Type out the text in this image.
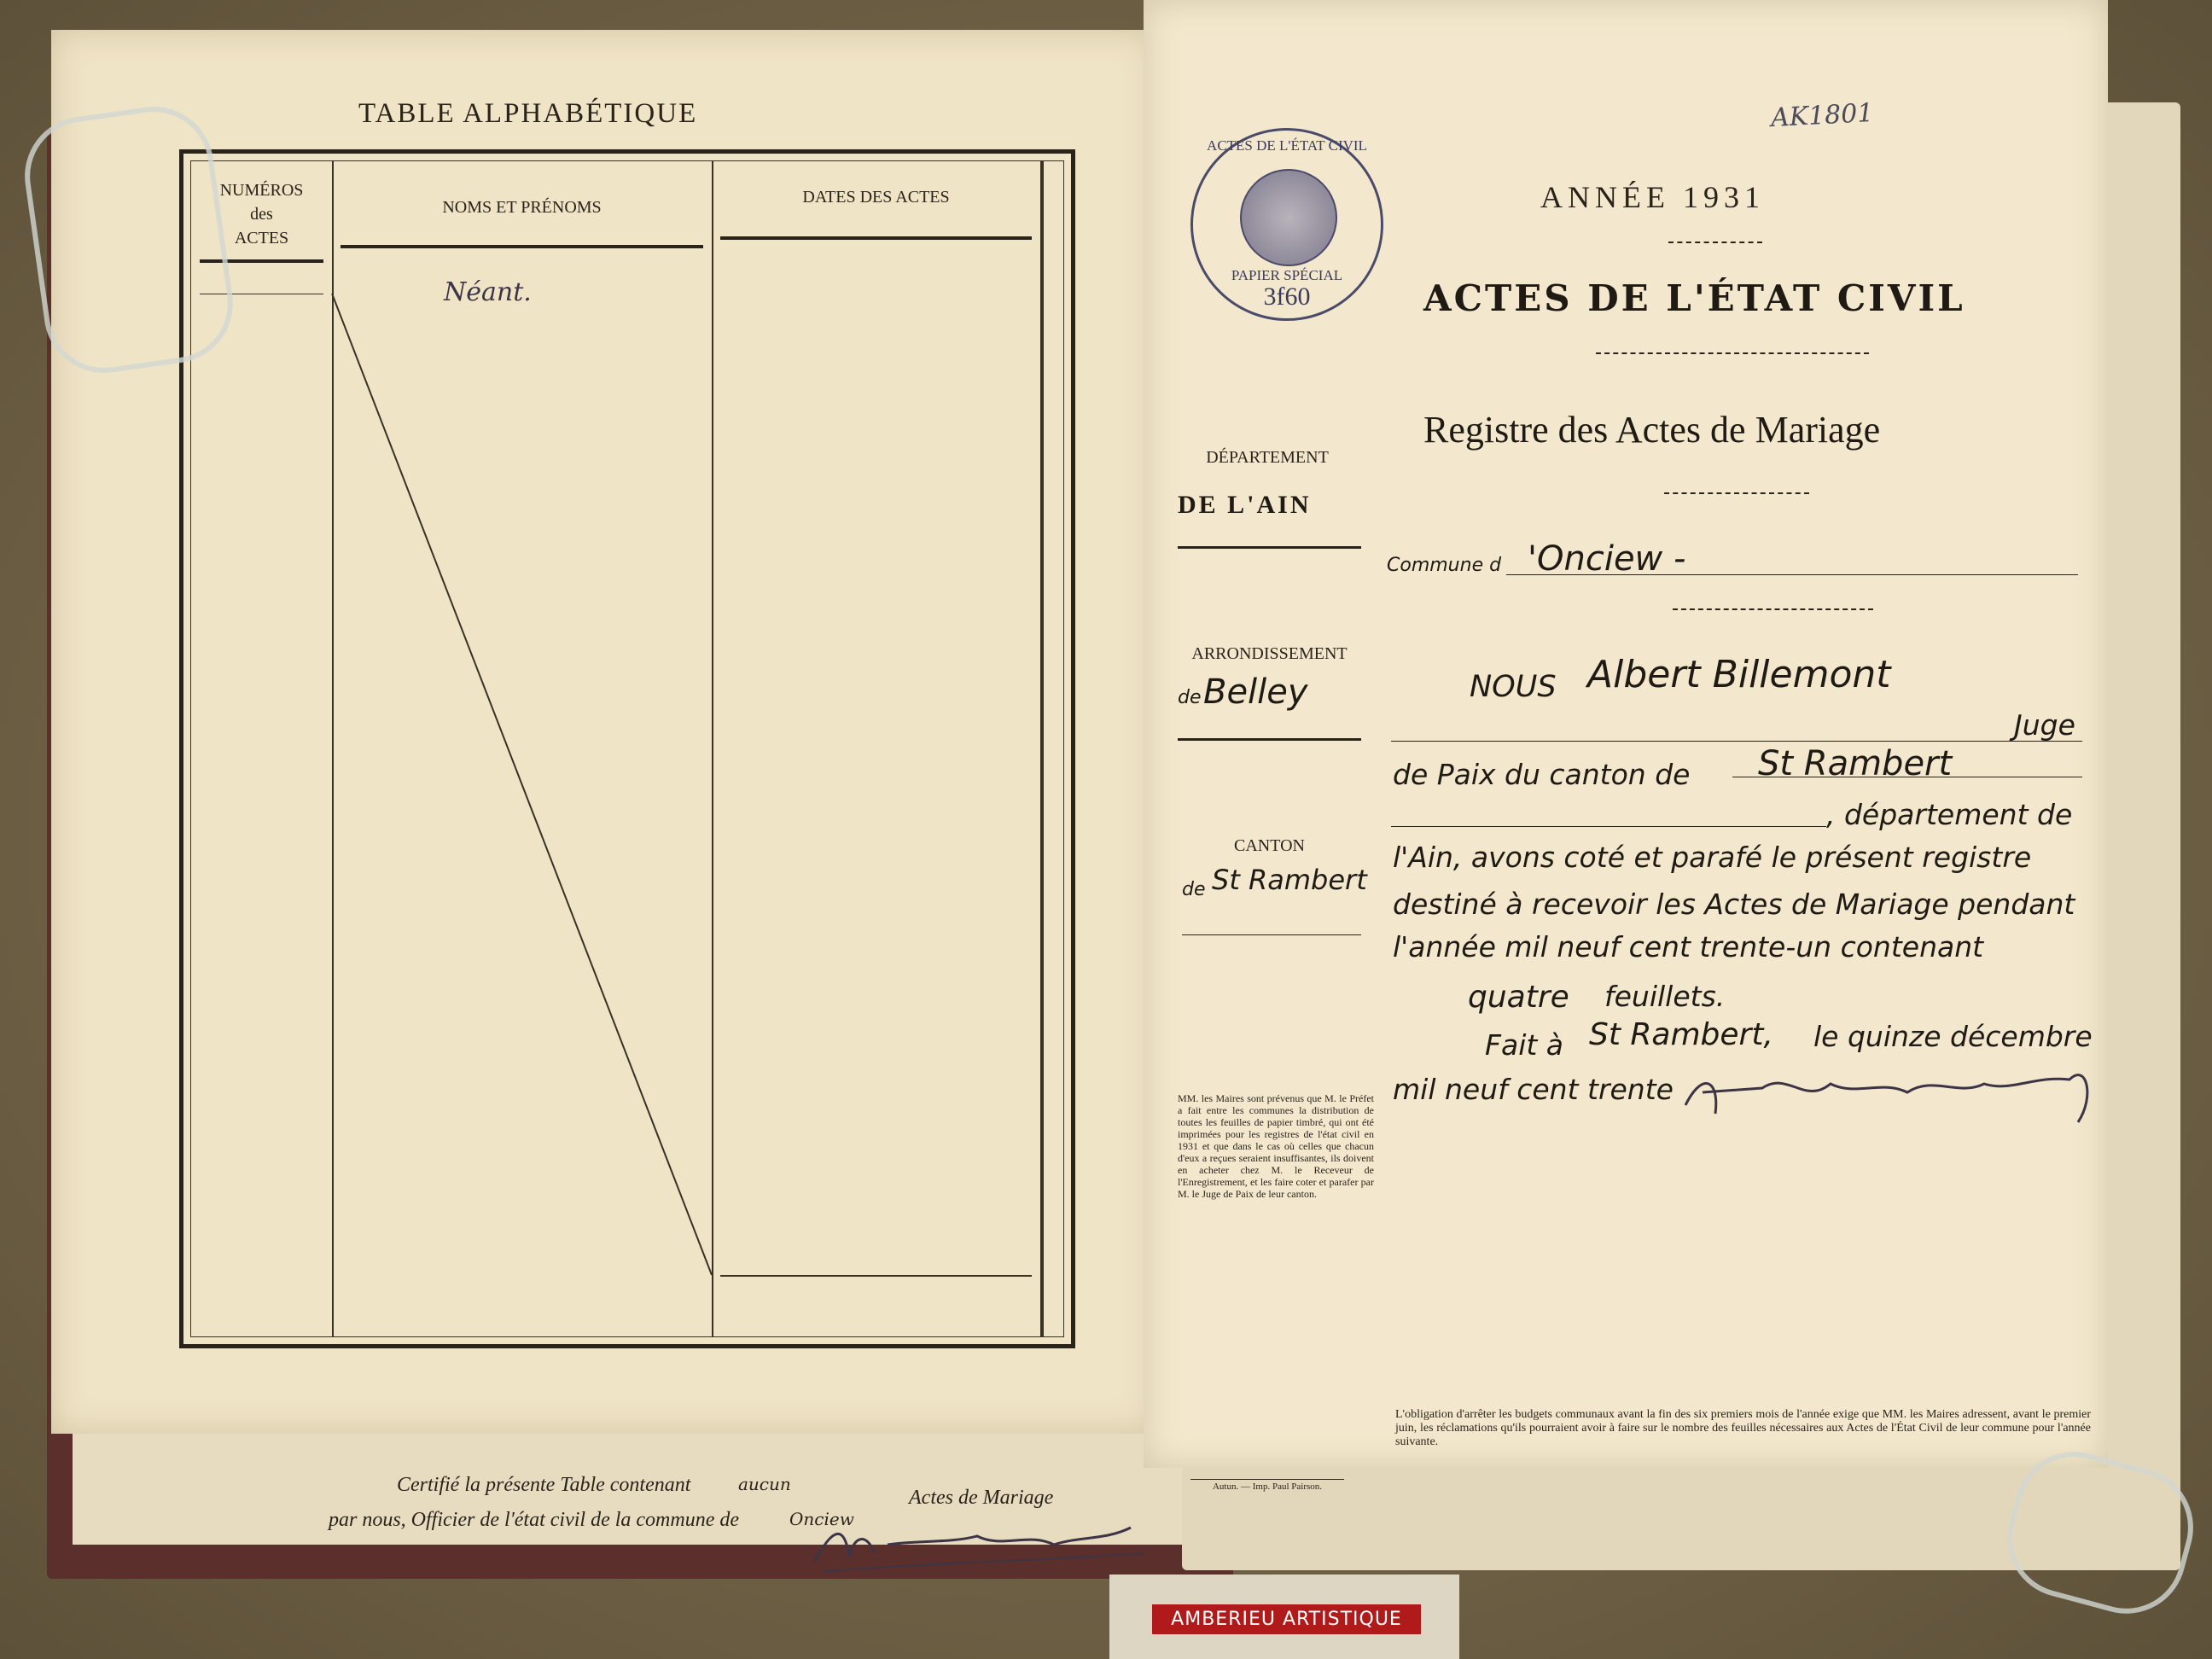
TABLE ALPHABÉTIQUE
NUMÉROS
des
ACTES
NOMS ET PRÉNOMS
DATES DES ACTES
Néant.
Certifié la présente Table contenant	aucun
Actes de Mariage
par nous, Officier de l'état civil de la commune de	Onciew
AK1801
ACTES DE L'ÉTAT CIVIL
PAPIER SPÉCIAL
3f60
ANNÉE 1931
ACTES DE L'ÉTAT CIVIL
Registre des Actes de Mariage
DÉPARTEMENT
DE L'AIN
Commune d 'Onciew -
ARRONDISSEMENT
de Belley
CANTON
de St Rambert
NOUS Albert Billemont
Juge
de Paix du canton de St Rambert
, département de
l'Ain, avons coté et parafé le présent registre
destiné à recevoir les Actes de Mariage pendant
l'année mil neuf cent trente-un contenant
quatre feuillets.
Fait à St Rambert, le quinze décembre
mil neuf cent trente
MM. les Maires sont prévenus que M. le Préfet a fait entre les communes la distribution de toutes les feuilles de papier timbré, qui ont été imprimées pour les registres de l'état civil en 1931 et que dans le cas où celles que chacun d'eux a reçues seraient insuffisantes, ils doivent en acheter chez M. le Receveur de l'Enregistrement, et les faire coter et parafer par M. le Juge de Paix de leur canton.
Autun. — Imp. Paul Pairson.
L'obligation d'arrêter les budgets communaux avant la fin des six premiers mois de l'année exige que MM. les Maires adressent, avant le premier juin, les réclamations qu'ils pourraient avoir à faire sur le nombre des feuilles nécessaires aux Actes de l'État Civil de leur commune pour l'année suivante.
AMBERIEU ARTISTIQUE
